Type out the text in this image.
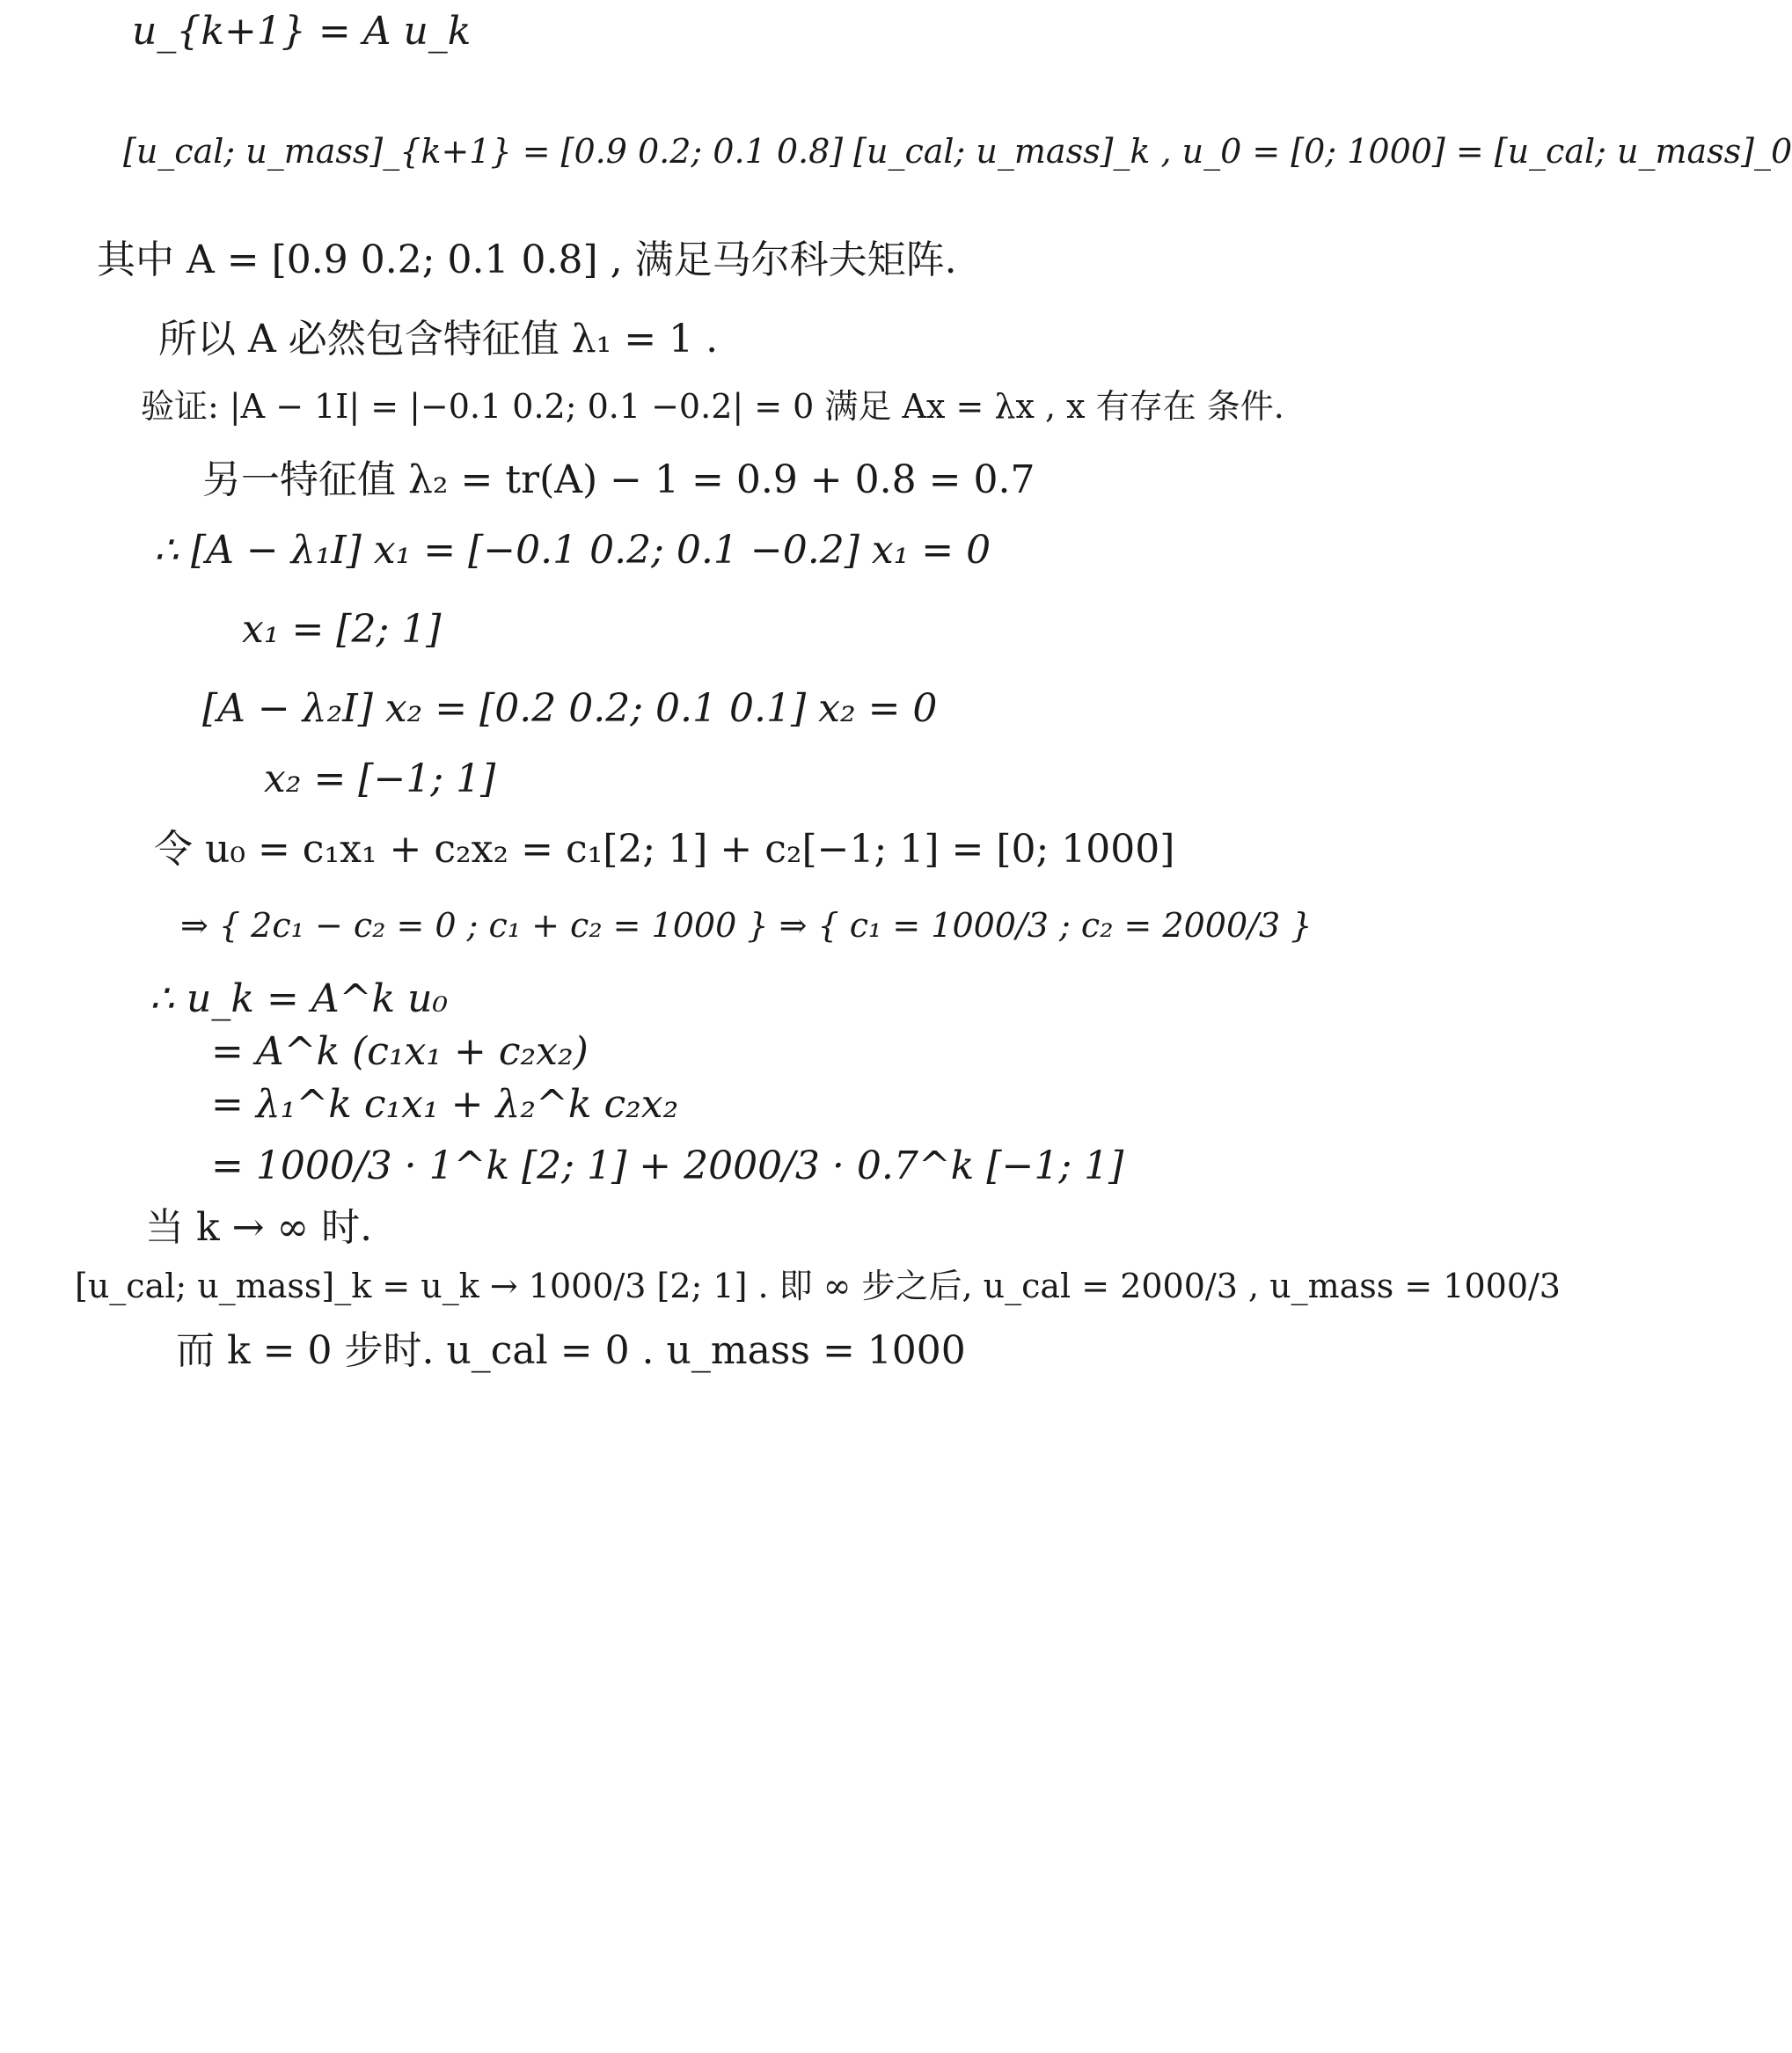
u_{k+1} = A u_k
[u_cal; u_mass]_{k+1} = [0.9 0.2; 0.1 0.8] [u_cal; u_mass]_k , u_0 = [0; 1000] = [u_cal; u_mass]_0
其中 A = [0.9 0.2; 0.1 0.8] , 满足马尔科夫矩阵.
所以 A 必然包含特征值 λ₁ = 1 .
验证: |A − 1I| = |−0.1 0.2; 0.1 −0.2| = 0 满足 Ax = λx , x 有存在 条件.
另一特征值 λ₂ = tr(A) − 1 = 0.9 + 0.8 = 0.7
∴ [A − λ₁I] x₁ = [−0.1 0.2; 0.1 −0.2] x₁ = 0
x₁ = [2; 1]
[A − λ₂I] x₂ = [0.2 0.2; 0.1 0.1] x₂ = 0
x₂ = [−1; 1]
令 u₀ = c₁x₁ + c₂x₂ = c₁[2; 1] + c₂[−1; 1] = [0; 1000]
⇒ { 2c₁ − c₂ = 0 ; c₁ + c₂ = 1000 } ⇒ { c₁ = 1000/3 ; c₂ = 2000/3 }
∴ u_k = A^k u₀
= A^k (c₁x₁ + c₂x₂)
= λ₁^k c₁x₁ + λ₂^k c₂x₂
= 1000/3 · 1^k [2; 1] + 2000/3 · 0.7^k [−1; 1]
当 k → ∞ 时.
[u_cal; u_mass]_k = u_k → 1000/3 [2; 1] . 即 ∞ 步之后, u_cal = 2000/3 , u_mass = 1000/3
而 k = 0 步时. u_cal = 0 . u_mass = 1000
